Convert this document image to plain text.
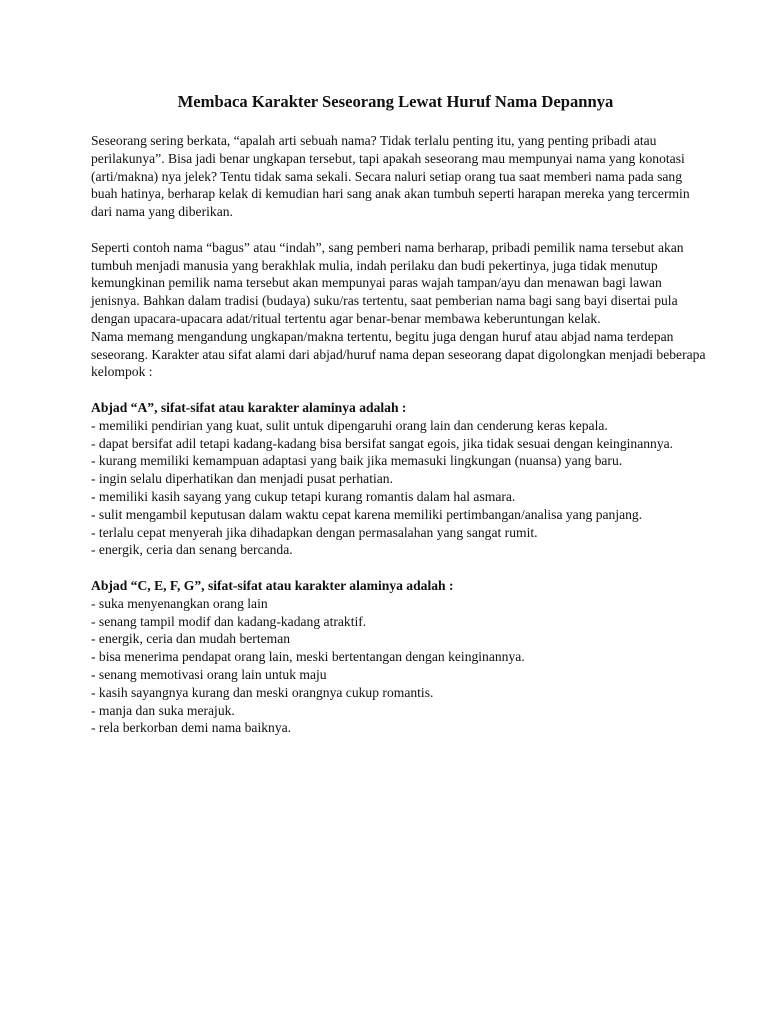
Membaca Karakter Seseorang Lewat Huruf Nama Depannya

Seseorang sering berkata, “apalah arti sebuah nama? Tidak terlalu penting itu, yang penting pribadi atau perilakunya”. Bisa jadi benar ungkapan tersebut, tapi apakah seseorang mau mempunyai nama yang konotasi (arti/makna) nya jelek? Tentu tidak sama sekali. Secara naluri setiap orang tua saat memberi nama pada sang buah hatinya, berharap kelak di kemudian hari sang anak akan tumbuh seperti harapan mereka yang tercermin dari nama yang diberikan.

Seperti contoh nama “bagus” atau “indah”, sang pemberi nama berharap, pribadi pemilik nama tersebut akan tumbuh menjadi manusia yang berakhlak mulia, indah perilaku dan budi pekertinya, juga tidak menutup kemungkinan pemilik nama tersebut akan mempunyai paras wajah tampan/ayu dan menawan bagi lawan jenisnya. Bahkan dalam tradisi (budaya) suku/ras tertentu, saat pemberian nama bagi sang bayi disertai pula dengan upacara-upacara adat/ritual tertentu agar benar-benar membawa keberuntungan kelak.

Nama memang mengandung ungkapan/makna tertentu, begitu juga dengan huruf atau abjad nama terdepan seseorang. Karakter atau sifat alami dari abjad/huruf nama depan seseorang dapat digolongkan menjadi beberapa kelompok :

Abjad “A”, sifat-sifat atau karakter alaminya adalah :

- memiliki pendirian yang kuat, sulit untuk dipengaruhi orang lain dan cenderung keras kepala.
- dapat bersifat adil tetapi kadang-kadang bisa bersifat sangat egois, jika tidak sesuai dengan keinginannya.
- kurang memiliki kemampuan adaptasi yang baik jika memasuki lingkungan (nuansa) yang baru.
- ingin selalu diperhatikan dan menjadi pusat perhatian.
- memiliki kasih sayang yang cukup tetapi kurang romantis dalam hal asmara.
- sulit mengambil keputusan dalam waktu cepat karena memiliki pertimbangan/analisa yang panjang.
- terlalu cepat menyerah jika dihadapkan dengan permasalahan yang sangat rumit.
- energik, ceria dan senang bercanda.

Abjad “C, E, F, G”, sifat-sifat atau karakter alaminya adalah :

- suka menyenangkan orang lain
- senang tampil modif dan kadang-kadang atraktif.
- energik, ceria dan mudah berteman
- bisa menerima pendapat orang lain, meski bertentangan dengan keinginannya.
- senang memotivasi orang lain untuk maju
- kasih sayangnya kurang dan meski orangnya cukup romantis.
- manja dan suka merajuk.
- rela berkorban demi nama baiknya.
